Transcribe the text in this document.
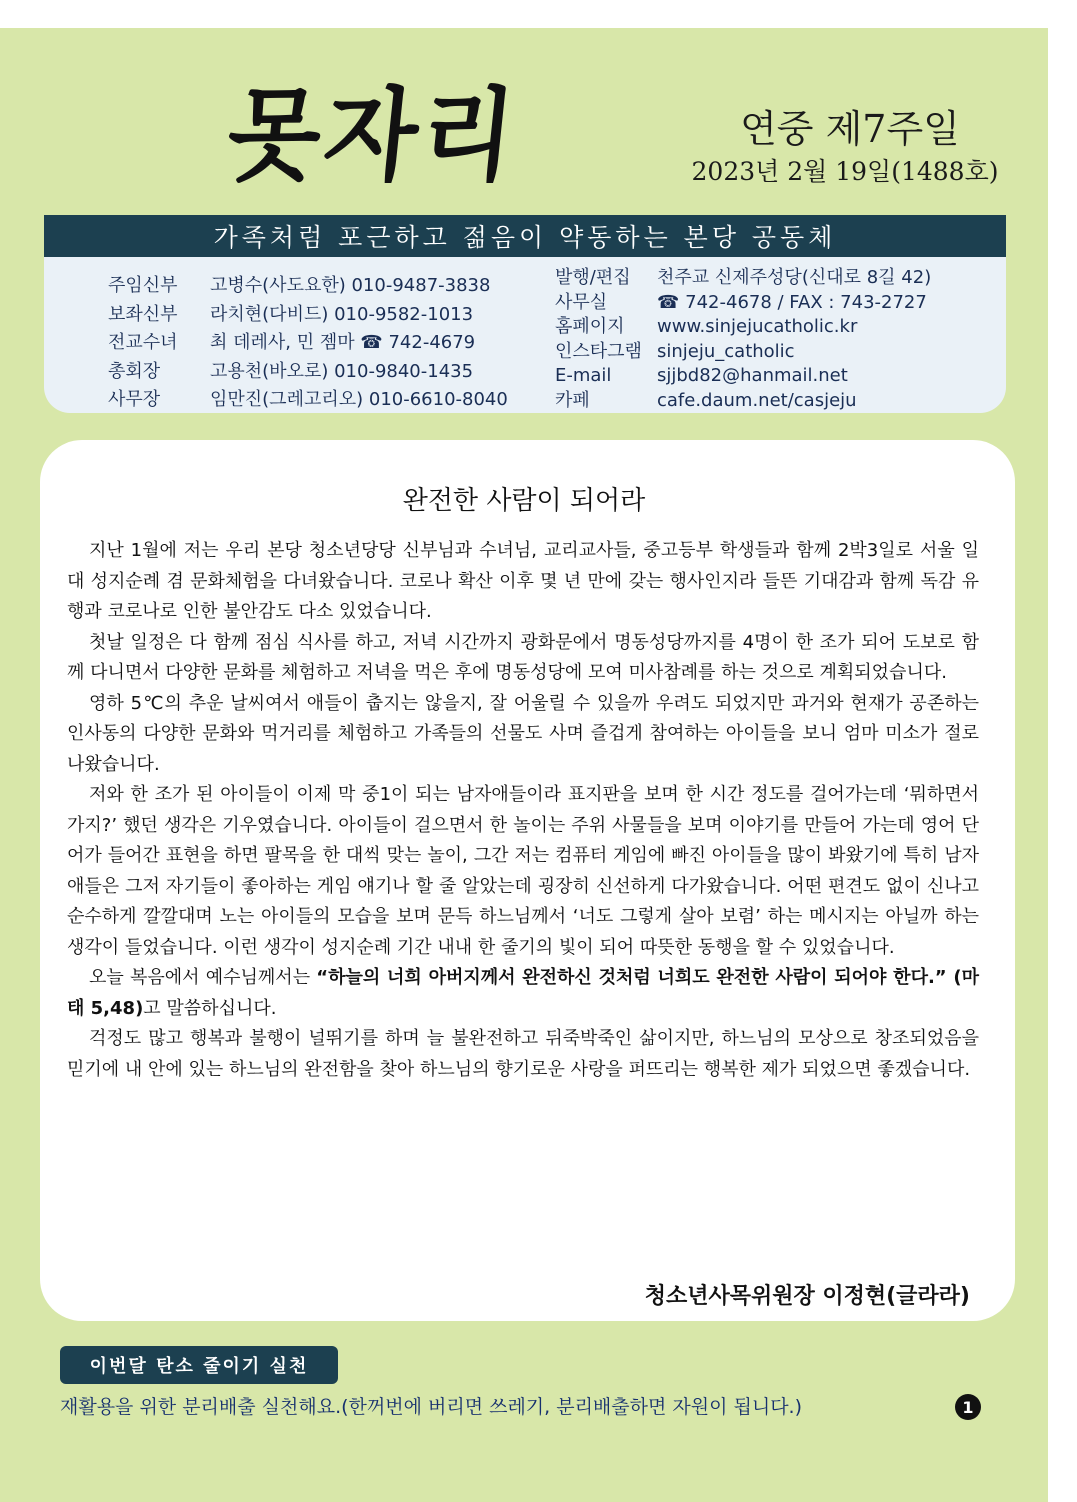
못자리	연중 제7주일
2023년 2월 19일(1488호)
가족처럼 포근하고 젊음이 약동하는 본당 공동체
주임신부	고병수(사도요한) 010-9487-3838
보좌신부	라치현(다비드) 010-9582-1013
전교수녀	최 데레사, 민 젬마 ☎ 742-4679
총회장	고용천(바오로) 010-9840-1435
사무장	임만진(그레고리오) 010-6610-8040
발행/편집	천주교 신제주성당(신대로 8길 42)
사무실	☎ 742-4678 / FAX : 743-2727
홈페이지	www.sinjejucatholic.kr
인스타그램 sinjeju_catholic
E-mail	sjjbd82@hanmail.net
카페	cafe.daum.net/casjeju
완전한 사람이 되어라

지난 1월에 저는 우리 본당 청소년당당 신부님과 수녀님, 교리교사들, 중고등부 학생들과 함께 2박3일로 서울 일대 성지순례 겸 문화체험을 다녀왔습니다. 코로나 확산 이후 몇 년 만에 갖는 행사인지라 들뜬 기대감과 함께 독감 유행과 코로나로 인한 불안감도 다소 있었습니다.

첫날 일정은 다 함께 점심 식사를 하고, 저녁 시간까지 광화문에서 명동성당까지를 4명이 한 조가 되어 도보로 함께 다니면서 다양한 문화를 체험하고 저녁을 먹은 후에 명동성당에 모여 미사참례를 하는 것으로 계획되었습니다.

영하 5℃의 추운 날씨여서 애들이 춥지는 않을지, 잘 어울릴 수 있을까 우려도 되었지만 과거와 현재가 공존하는 인사동의 다양한 문화와 먹거리를 체험하고 가족들의 선물도 사며 즐겁게 참여하는 아이들을 보니 엄마 미소가 절로 나왔습니다.

저와 한 조가 된 아이들이 이제 막 중1이 되는 남자애들이라 표지판을 보며 한 시간 정도를 걸어가는데 ‘뭐하면서 가지?’ 했던 생각은 기우였습니다. 아이들이 걸으면서 한 놀이는 주위 사물들을 보며 이야기를 만들어 가는데 영어 단어가 들어간 표현을 하면 팔목을 한 대씩 맞는 놀이, 그간 저는 컴퓨터 게임에 빠진 아이들을 많이 봐왔기에 특히 남자애들은 그저 자기들이 좋아하는 게임 얘기나 할 줄 알았는데 굉장히 신선하게 다가왔습니다. 어떤 편견도 없이 신나고 순수하게 깔깔대며 노는 아이들의 모습을 보며 문득 하느님께서 ‘너도 그렇게 살아 보렴’ 하는 메시지는 아닐까 하는 생각이 들었습니다. 이런 생각이 성지순례 기간 내내 한 줄기의 빛이 되어 따뜻한 동행을 할 수 있었습니다.

오늘 복음에서 예수님께서는 “하늘의 너희 아버지께서 완전하신 것처럼 너희도 완전한 사람이 되어야 한다.” (마태 5,48)고 말씀하십니다.

걱정도 많고 행복과 불행이 널뛰기를 하며 늘 불완전하고 뒤죽박죽인 삶이지만, 하느님의 모상으로 창조되었음을 믿기에 내 안에 있는 하느님의 완전함을 찾아 하느님의 향기로운 사랑을 퍼뜨리는 행복한 제가 되었으면 좋겠습니다.

청소년사목위원장 이정현(글라라)
이번달 탄소 줄이기 실천
재활용을 위한 분리배출 실천해요.(한꺼번에 버리면 쓰레기, 분리배출하면 자원이 됩니다.)	1
